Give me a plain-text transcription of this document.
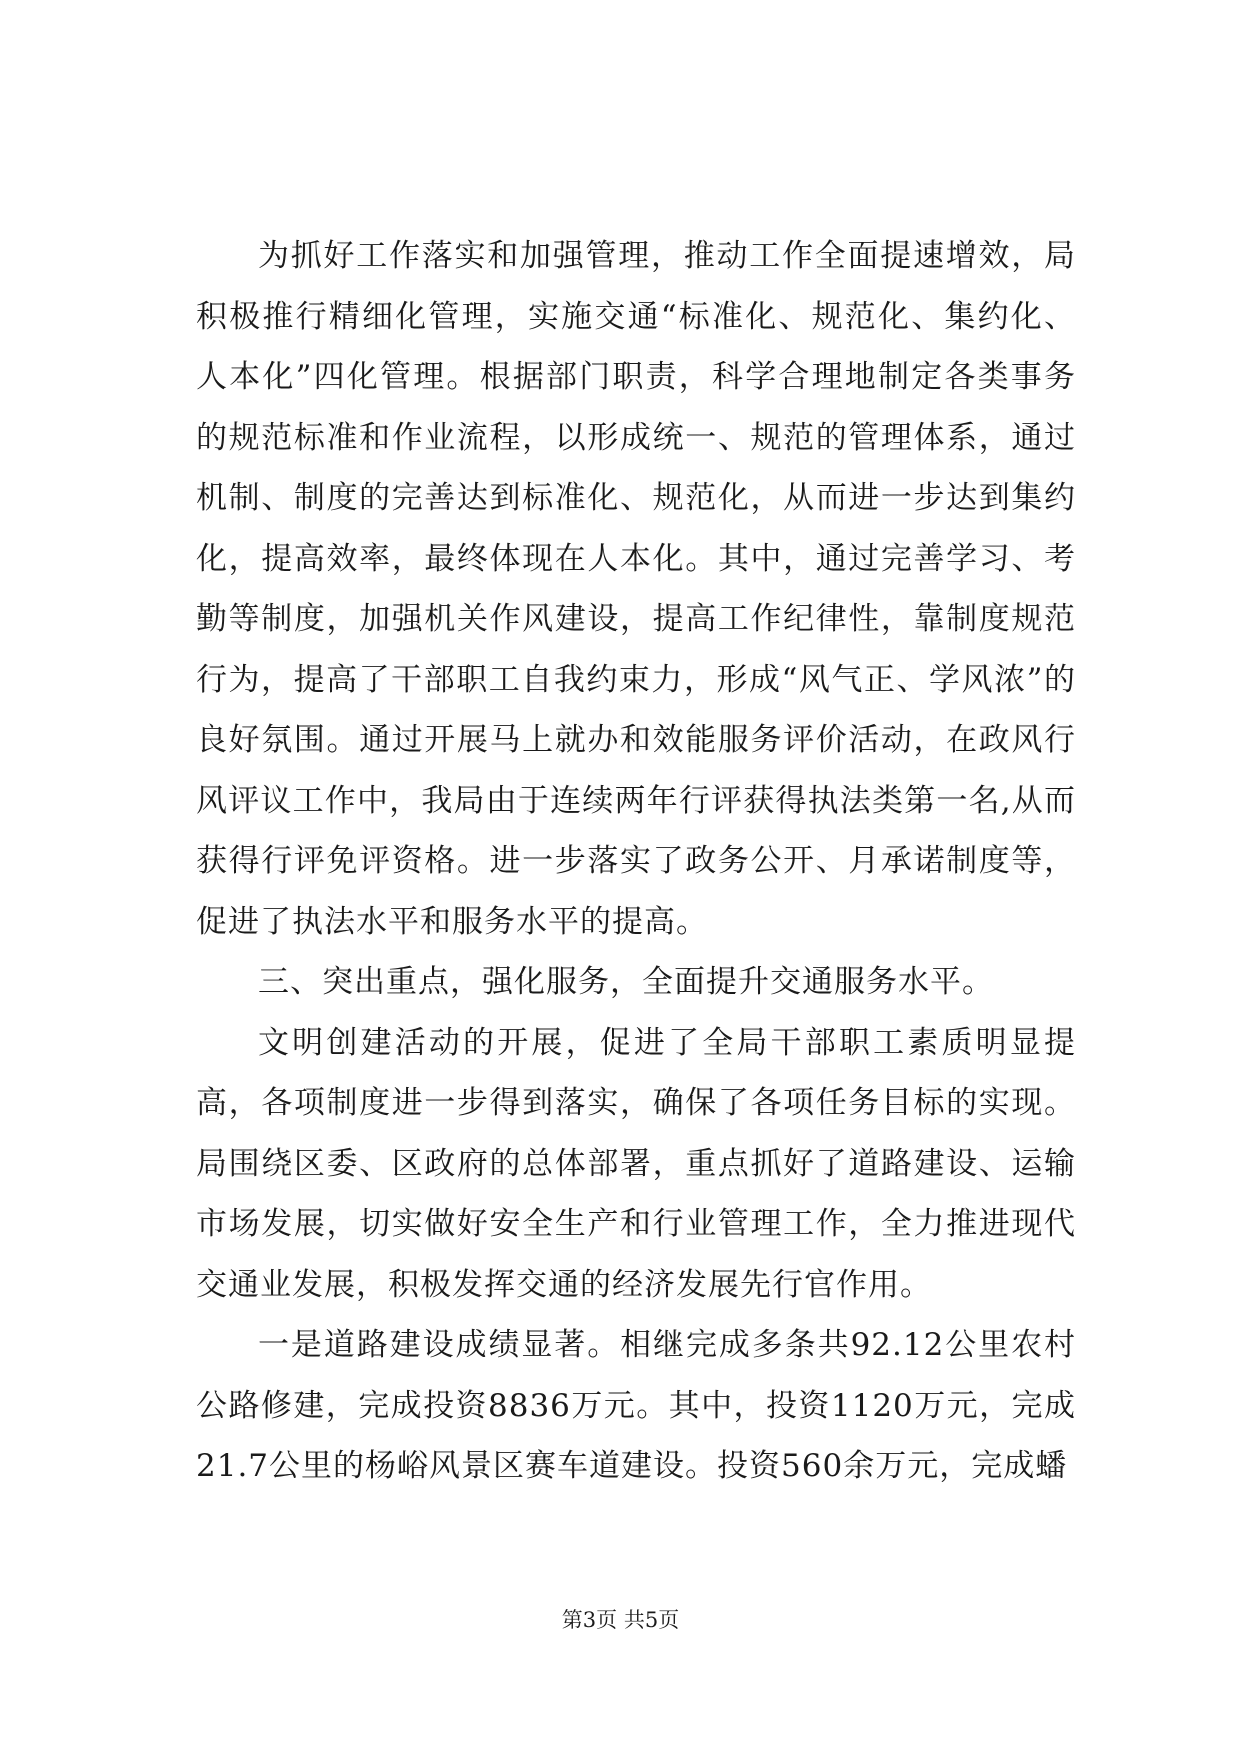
为抓好工作落实和加强管理，推动工作全面提速增效，局积极推行精细化管理，实施交通“标准化、规范化、集约化、人本化”四化管理。根据部门职责，科学合理地制定各类事务的规范标准和作业流程，以形成统一、规范的管理体系，通过机制、制度的完善达到标准化、规范化，从而进一步达到集约化，提高效率，最终体现在人本化。其中，通过完善学习、考勤等制度，加强机关作风建设，提高工作纪律性，靠制度规范行为，提高了干部职工自我约束力，形成“风气正、学风浓”的良好氛围。通过开展马上就办和效能服务评价活动，在政风行风评议工作中，我局由于连续两年行评获得执法类第一名,从而获得行评免评资格。进一步落实了政务公开、月承诺制度等，促进了执法水平和服务水平的提高。

三、突出重点，强化服务，全面提升交通服务水平。

文明创建活动的开展，促进了全局干部职工素质明显提高，各项制度进一步得到落实，确保了各项任务目标的实现。局围绕区委、区政府的总体部署，重点抓好了道路建设、运输市场发展，切实做好安全生产和行业管理工作，全力推进现代交通业发展，积极发挥交通的经济发展先行官作用。

一是道路建设成绩显著。相继完成多条共92.12公里农村公路修建，完成投资8836万元。其中，投资1120万元，完成21.7公里的杨峪风景区赛车道建设。投资560余万元，完成蟠

第3页 共5页
